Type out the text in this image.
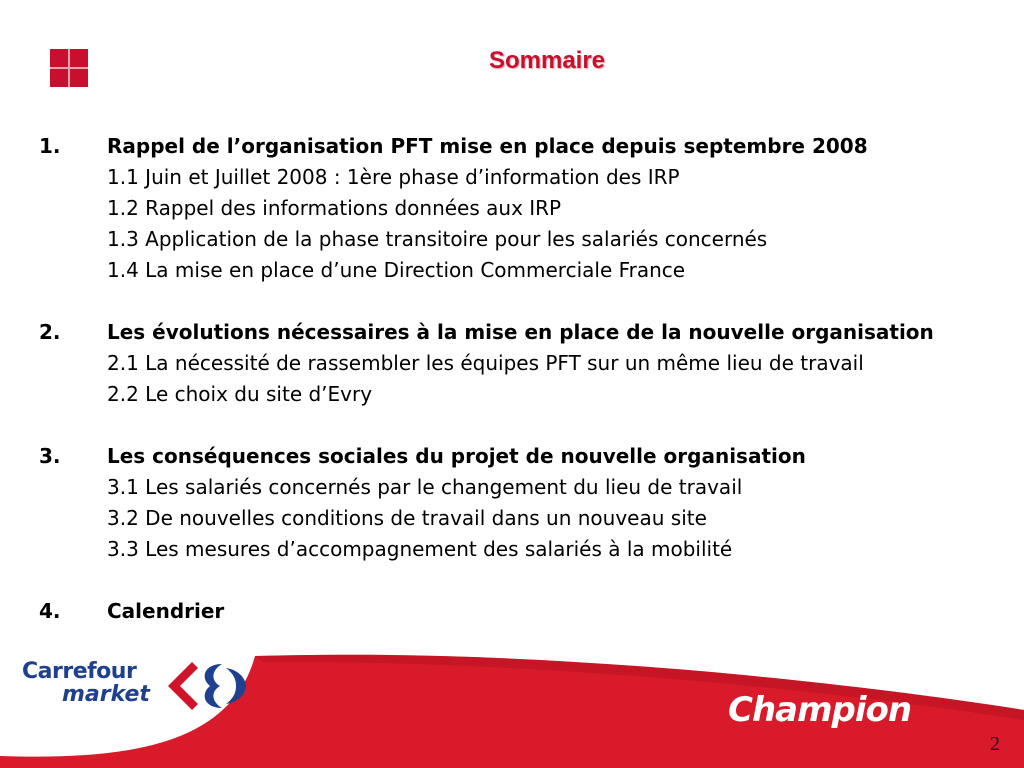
Sommaire
1. Rappel de l’organisation PFT mise en place depuis septembre 2008
1.1 Juin et Juillet 2008 : 1ère phase d’information des IRP
1.2 Rappel des informations données aux IRP
1.3 Application de la phase transitoire pour les salariés concernés
1.4 La mise en place d’une Direction Commerciale France
2. Les évolutions nécessaires à la mise en place de la nouvelle organisation
2.1 La nécessité de rassembler les équipes PFT sur un même lieu de travail
2.2 Le choix du site d’Evry
3. Les conséquences sociales du projet de nouvelle organisation
3.1 Les salariés concernés par le changement du lieu de travail
3.2 De nouvelles conditions de travail dans un nouveau site
3.3 Les mesures d’accompagnement des salariés à la mobilité
4. Calendrier
Carrefour
market	Champion
2
